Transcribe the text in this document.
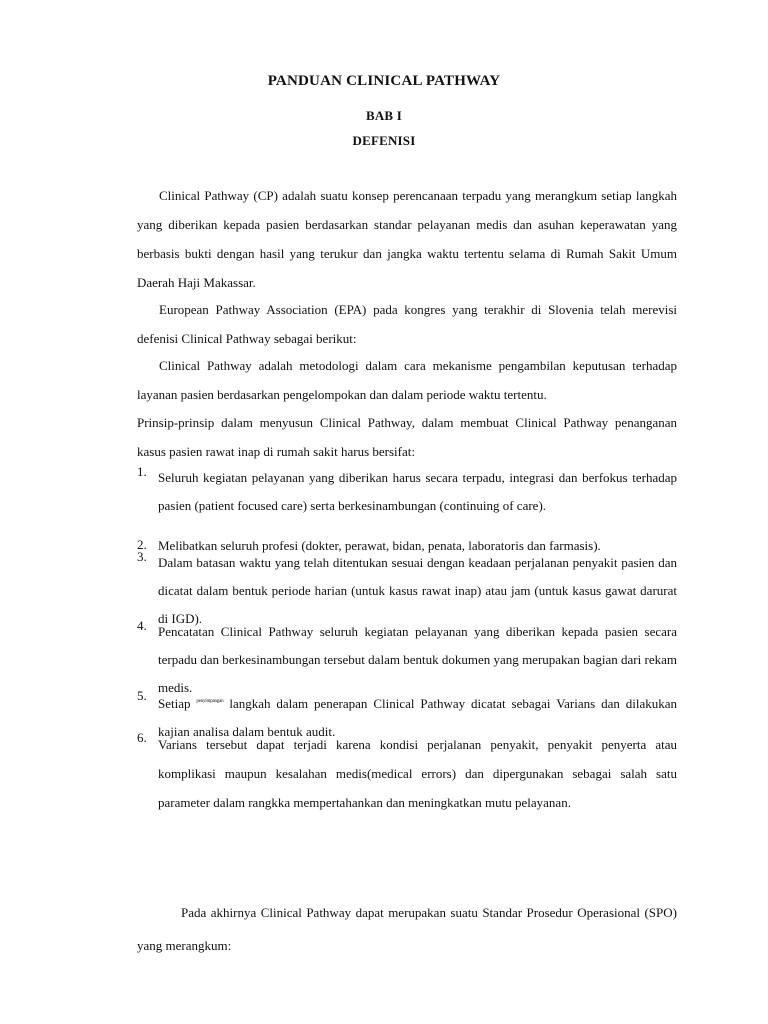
PANDUAN CLINICAL PATHWAY
BAB I
DEFENISI
Clinical Pathway (CP) adalah suatu konsep perencanaan terpadu yang merangkum setiap langkah yang diberikan kepada pasien berdasarkan standar pelayanan medis dan asuhan keperawatan yang berbasis bukti dengan hasil yang terukur dan jangka waktu tertentu selama di Rumah Sakit Umum Daerah Haji Makassar.
European Pathway Association (EPA) pada kongres yang terakhir di Slovenia telah merevisi defenisi Clinical Pathway sebagai berikut:
Clinical Pathway adalah metodologi dalam cara mekanisme pengambilan keputusan terhadap layanan pasien berdasarkan pengelompokan dan dalam periode waktu tertentu.
Prinsip-prinsip dalam menyusun Clinical Pathway, dalam membuat Clinical Pathway penanganan kasus pasien rawat inap di rumah sakit harus bersifat:
1. Seluruh kegiatan pelayanan yang diberikan harus secara terpadu, integrasi dan berfokus terhadap pasien (patient focused care) serta berkesinambungan (continuing of care).
2. Melibatkan seluruh profesi (dokter, perawat, bidan, penata, laboratoris dan farmasis).
3. Dalam batasan waktu yang telah ditentukan sesuai dengan keadaan perjalanan penyakit pasien dan dicatat dalam bentuk periode harian (untuk kasus rawat inap) atau jam (untuk kasus gawat darurat di IGD).
4. Pencatatan Clinical Pathway seluruh kegiatan pelayanan yang diberikan kepada pasien secara terpadu dan berkesinambungan tersebut dalam bentuk dokumen yang merupakan bagian dari rekam medis.
5.
Setiap $^{penyimpangan}$ langkah dalam penerapan Clinical Pathway dicatat sebagai Varians dan dilakukan kajian analisa dalam bentuk audit.
6. Varians tersebut dapat terjadi karena kondisi perjalanan penyakit, penyakit penyerta atau komplikasi maupun kesalahan medis(medical errors) dan dipergunakan sebagai salah satu parameter dalam rangkka mempertahankan dan meningkatkan mutu pelayanan.
Pada akhirnya Clinical Pathway dapat merupakan suatu Standar Prosedur Operasional (SPO) yang merangkum:
